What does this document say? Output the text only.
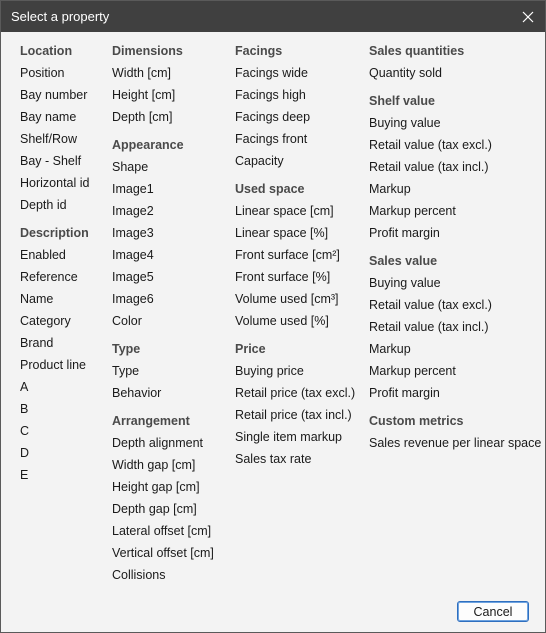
Select a property
Location
Position
Bay number
Bay name
Shelf/Row
Bay - Shelf
Horizontal id
Depth id
Description
Enabled
Reference
Name
Category
Brand
Product line
A
B
C
D
E
Dimensions
Width [cm]
Height [cm]
Depth [cm]
Appearance
Shape
Image1
Image2
Image3
Image4
Image5
Image6
Color
Type
Type
Behavior
Arrangement
Depth alignment
Width gap [cm]
Height gap [cm]
Depth gap [cm]
Lateral offset [cm]
Vertical offset [cm]
Collisions
Facings
Facings wide
Facings high
Facings deep
Facings front
Capacity
Used space
Linear space [cm]
Linear space [%]
Front surface [cm²]
Front surface [%]
Volume used [cm³]
Volume used [%]
Price
Buying price
Retail price (tax excl.)
Retail price (tax incl.)
Single item markup
Sales tax rate
Sales quantities
Quantity sold
Shelf value
Buying value
Retail value (tax excl.)
Retail value (tax incl.)
Markup
Markup percent
Profit margin
Sales value
Buying value
Retail value (tax excl.)
Retail value (tax incl.)
Markup
Markup percent
Profit margin
Custom metrics
Sales revenue per linear space
Cancel
